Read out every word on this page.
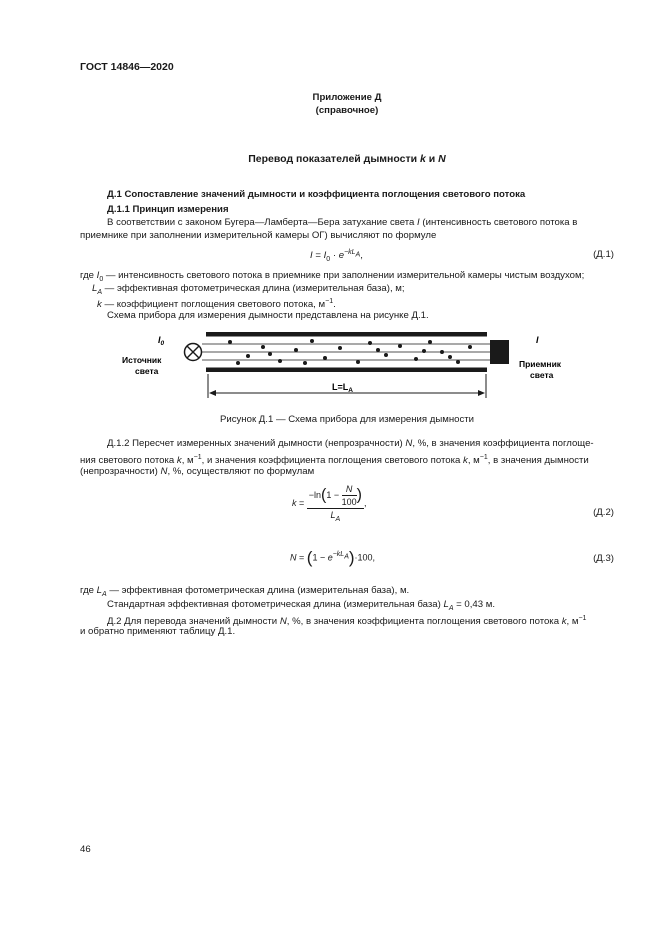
ГОСТ 14846—2020
Приложение Д
(справочное)
Перевод показателей дымности k и N
Д.1 Сопоставление значений дымности и коэффициента поглощения светового потока
Д.1.1 Принцип измерения
В соответствии с законом Бугера—Ламберта—Бера затухание света I (интенсивность светового потока в
приемнике при заполнении измерительной камеры ОГ) вычисляют по формуле
$I = I_0 \cdot e^{-kL_A}$,	(Д.1)
где $I_0$ — интенсивность светового потока в приемнике при заполнении измерительной камеры чистым воздухом;
$L_A$ — эффективная фотометрическая длина (измерительная база), м;
k — коэффициент поглощения светового потока, $м^{-1}$.
Схема прибора для измерения дымности представлена на рисунке Д.1.
$I_0$
Источник
света
I
Приемник
света
$L=L_A$
Рисунок Д.1 — Схема прибора для измерения дымности
Д.1.2 Пересчет измеренных значений дымности (непрозрачности) N, %, в значения коэффициента поглоще-
ния светового потока k, $м^{-1}$, и значения коэффициента поглощения светового потока k, $м^{-1}$, в значения дымности
(непрозрачности) N, %, осуществляют по формулам
$k = \frac{-\ln(1 - \frac{N}{100} )}{L_A}$ ,
(Д.2)
$N = (1 - e^{-kL_A})\cdot 100$,	(Д.3)
где $L_A$ — эффективная фотометрическая длина (измерительная база), м.
Стандартная эффективная фотометрическая длина (измерительная база) $L_A = 0,43$ м.
Д.2 Для перевода значений дымности N, %, в значения коэффициента поглощения светового потока k, $м^{-1}$
и обратно применяют таблицу Д.1.
46
